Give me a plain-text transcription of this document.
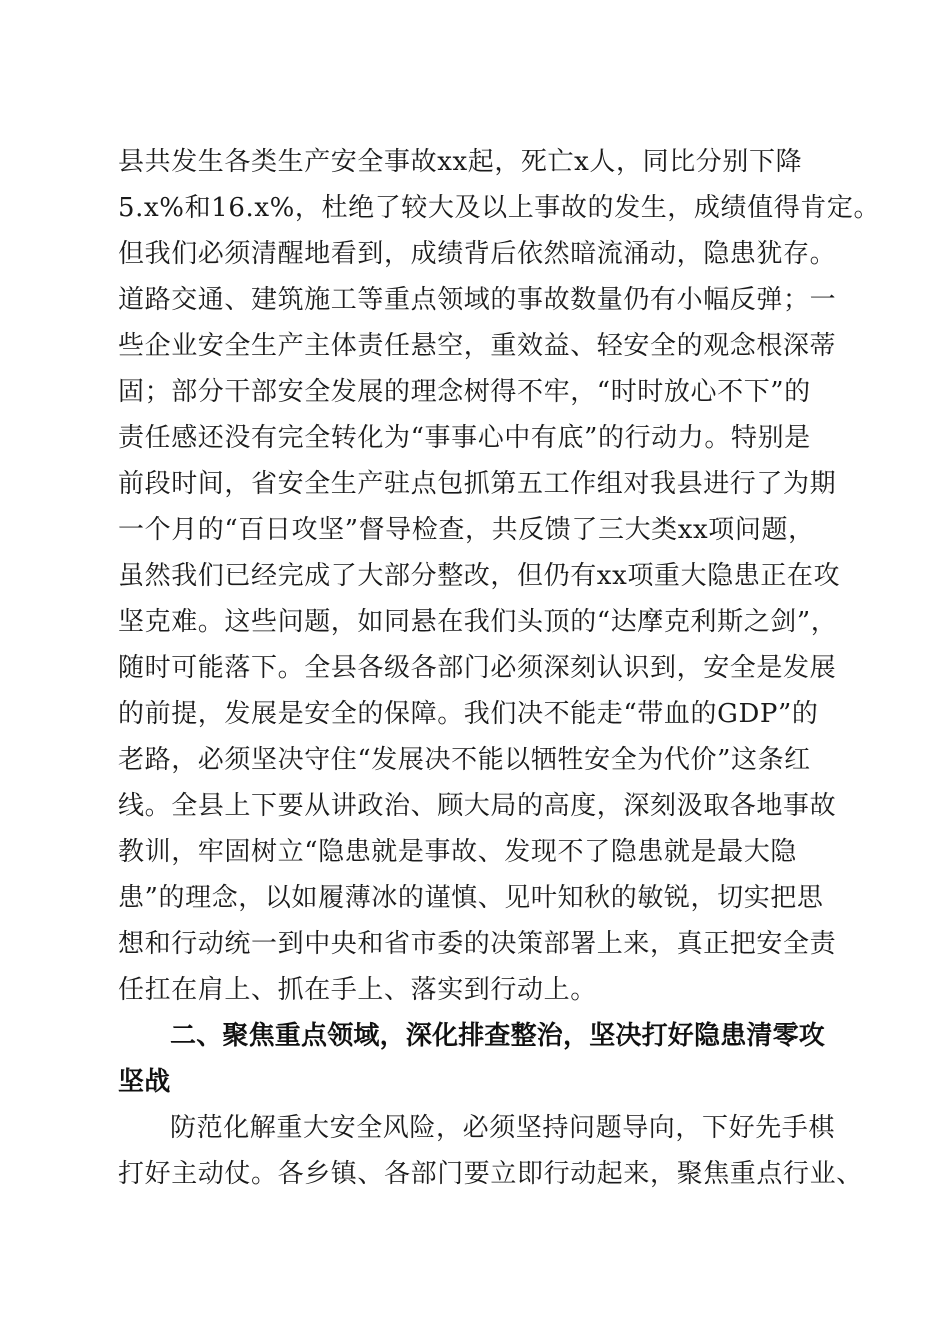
县共发生各类生产安全事故xx起，死亡x人，同比分别下降
5.x%和16.x%，杜绝了较大及以上事故的发生，成绩值得肯定。
但我们必须清醒地看到，成绩背后依然暗流涌动，隐患犹存。
道路交通、建筑施工等重点领域的事故数量仍有小幅反弹；一
些企业安全生产主体责任悬空，重效益、轻安全的观念根深蒂
固；部分干部安全发展的理念树得不牢，“时时放心不下”的
责任感还没有完全转化为“事事心中有底”的行动力。特别是
前段时间，省安全生产驻点包抓第五工作组对我县进行了为期
一个月的“百日攻坚”督导检查，共反馈了三大类xx项问题，
虽然我们已经完成了大部分整改，但仍有xx项重大隐患正在攻
坚克难。这些问题，如同悬在我们头顶的“达摩克利斯之剑”，
随时可能落下。全县各级各部门必须深刻认识到，安全是发展
的前提，发展是安全的保障。我们决不能走“带血的GDP”的
老路，必须坚决守住“发展决不能以牺牲安全为代价”这条红
线。全县上下要从讲政治、顾大局的高度，深刻汲取各地事故
教训，牢固树立“隐患就是事故、发现不了隐患就是最大隐
患”的理念，以如履薄冰的谨慎、见叶知秋的敏锐，切实把思
想和行动统一到中央和省市委的决策部署上来，真正把安全责
任扛在肩上、抓在手上、落实到行动上。
二、聚焦重点领域，深化排查整治，坚决打好隐患清零攻
坚战
防范化解重大安全风险，必须坚持问题导向，下好先手棋
打好主动仗。各乡镇、各部门要立即行动起来，聚焦重点行业、
